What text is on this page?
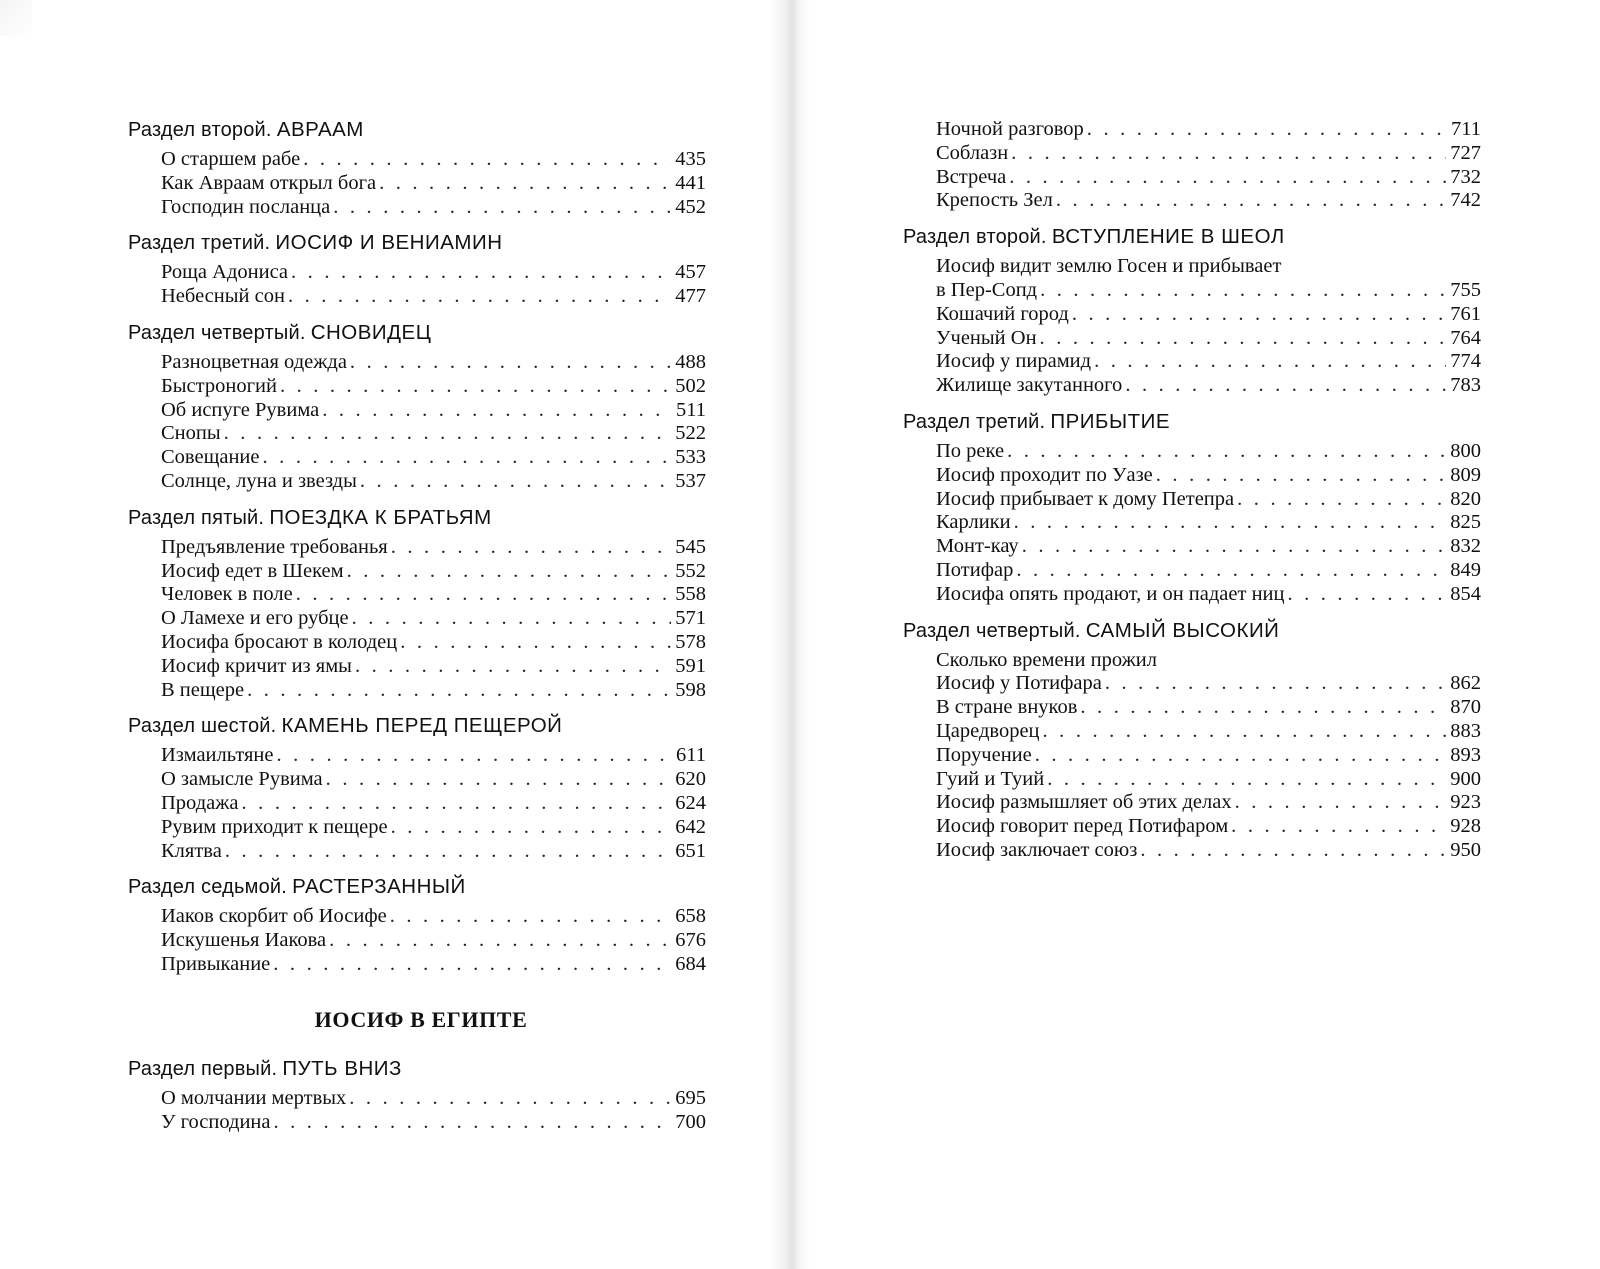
Раздел второй. АВРААМ
О старшем рабе . . .	435
Как Авраам открыл бога . . .	441
Господин посланца . . .	452
Раздел третий. ИОСИФ И ВЕНИАМИН
Роща Адониса . . .	457
Небесный сон . . .	477
Раздел четвертый. СНОВИДЕЦ
Разноцветная одежда . . .	488
Быстроногий . . .	502
Об испуге Рувима . . .	511
Снопы . . .	522
Совещание . . .	533
Солнце, луна и звезды . . .	537
Раздел пятый. ПОЕЗДКА К БРАТЬЯМ
Предъявление требованья . . .	545
Иосиф едет в Шекем . . .	552
Человек в поле . . .	558
О Ламехе и его рубце . . .	571
Иосифа бросают в колодец . . .	578
Иосиф кричит из ямы . . .	591
В пещере . . .	598
Раздел шестой. КАМЕНЬ ПЕРЕД ПЕЩЕРОЙ
Измаильтяне . . .	611
О замысле Рувима . . .	620
Продажа . . .	624
Рувим приходит к пещере . . .	642
Клятва . . .	651
Раздел седьмой. РАСТЕРЗАННЫЙ
Иаков скорбит об Иосифе . . .	658
Искушенья Иакова . . .	676
Привыкание . . .	684
ИОСИФ В ЕГИПТЕ
Раздел первый. ПУТЬ ВНИЗ
О молчании мертвых . . .	695
У господина . . .	700
Ночной разговор . . .	711
Соблазн . . .	727
Встреча . . .	732
Крепость Зел . . .	742
Раздел второй. ВСТУПЛЕНИЕ В ШЕОЛ
Иосиф видит землю Госен и прибывает
в Пер-Сопд . . .	755
Кошачий город . . .	761
Ученый Он . . .	764
Иосиф у пирамид . . .	774
Жилище закутанного . . .	783
Раздел третий. ПРИБЫТИЕ
По реке . . .	800
Иосиф проходит по Уазе . . .	809
Иосиф прибывает к дому Петепра . . .	820
Карлики . . .	825
Монт-кау . . .	832
Потифар . . .	849
Иосифа опять продают, и он падает ниц . . .	854
Раздел четвертый. САМЫЙ ВЫСОКИЙ
Сколько времени прожил
Иосиф у Потифара . . .	862
В стране внуков . . .	870
Царедворец . . .	883
Поручение . . .	893
Гуий и Туий . . .	900
Иосиф размышляет об этих делах . . .	923
Иосиф говорит перед Потифаром . . .	928
Иосиф заключает союз . . .	950
